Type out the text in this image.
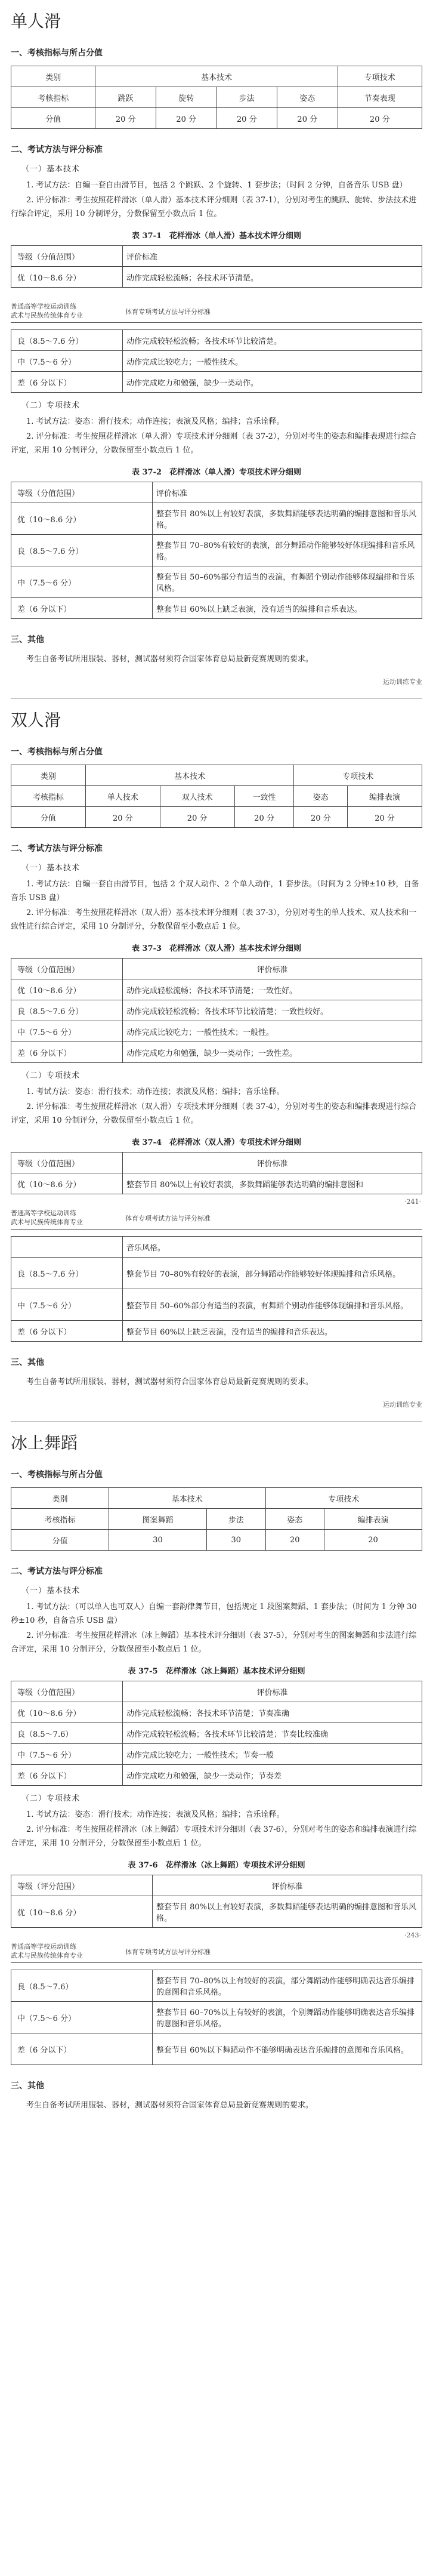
单人滑
一、考核指标与所占分值
类别	基本技术				专项技术
考核指标	跳跃	旋转	步法	姿态	节奏表现
分值	20 分	20 分	20 分	20 分	20 分
二、考试方法与评分标准
（一）基本技术

1. 考试方法：自编一套自由滑节目，包括 2 个跳跃、2 个旋转、1 套步法；（时间 2 分钟，自备音乐 USB 盘）

2. 评分标准：考生按照花样滑冰（单人滑）基本技术评分细则（表 37-1），分别对考生的跳跃、旋转、步法技术进行综合评定，采用 10 分制评分，分数保留至小数点后 1 位。

表 37-1　花样滑冰（单人滑）基本技术评分细则
等级（分值范围）	评价标准
优（10～8.6 分）	动作完成轻松流畅；各技术环节清楚。
普通高等学校运动训练
武术与民族传统体育专业	体育专项考试方法与评分标准
良（8.5～7.6 分）	动作完成较轻松流畅；各技术环节比较清楚。
中（7.5～6 分）	动作完成比较吃力；一般性技术。
差（6 分以下）	动作完成吃力和勉强，缺少一类动作。
（二）专项技术

1. 考试方法：姿态：滑行技术；动作连接；表演及风格；编排；音乐诠释。

2. 评分标准：考生按照花样滑冰（单人滑）专项技术评分细则（表 37-2），分别对考生的姿态和编排表现进行综合评定，采用 10 分制评分，分数保留至小数点后 1 位。

表 37-2　花样滑冰（单人滑）专项技术评分细则
等级（分值范围）	评价标准
优（10～8.6 分）	整套节目 80%以上有较好表演，多数舞蹈能够表达明确的编排意图和音乐风格。
良（8.5～7.6 分）	整套节目 70–80%有较好的表演，部分舞蹈动作能够较好体现编排和音乐风格。
中（7.5～6 分）	整套节目 50–60%部分有适当的表演，有舞蹈个别动作能够体现编排和音乐风格。
差（6 分以下）	整套节目 60%以上缺乏表演，没有适当的编排和音乐表达。
三、其他

考生自备考试所用服装、器材，测试器材须符合国家体育总局最新竞赛规则的要求。

运动训练专业
双人滑
一、考核指标与所占分值
类别	基本技术			专项技术	
考核指标	单人技术	双人技术	一致性	姿态	编排表演
分值	20 分	20 分	20 分	20 分	20 分
二、考试方法与评分标准
（一）基本技术

1. 考试方法：自编一套自由滑节目，包括 2 个双人动作、2 个单人动作，1 套步法。（时间为 2 分钟±10 秒，自备音乐 USB 盘）

2. 评分标准：考生按照花样滑冰（双人滑）基本技术评分细则（表 37-3），分别对考生的单人技术、双人技术和一致性进行综合评定，采用 10 分制评分，分数保留至小数点后 1 位。

表 37-3　花样滑冰（双人滑）基本技术评分细则
等级（分值范围）	评价标准
优（10～8.6 分）	动作完成轻松流畅；各技术环节清楚；一致性好。
良（8.5～7.6 分）	动作完成较轻松流畅；各技术环节比较清楚；一致性较好。
中（7.5～6 分）	动作完成比较吃力；一般性技术；一般性。
差（6 分以下）	动作完成吃力和勉强，缺少一类动作；一致性差。
（二）专项技术

1. 考试方法：姿态：滑行技术；动作连接；表演及风格；编排；音乐诠释。

2. 评分标准：考生按照花样滑冰（双人滑）专项技术评分细则（表 37-4），分别对考生的姿态和编排表现进行综合评定，采用 10 分制评分，分数保留至小数点后 1 位。

表 37-4　花样滑冰（双人滑）专项技术评分细则
等级（分值范围）	评价标准
优（10～8.6 分）	整套节目 80%以上有较好表演，多数舞蹈能够表达明确的编排意图和
·241·
普通高等学校运动训练
武术与民族传统体育专业	体育专项考试方法与评分标准
	音乐风格。
良（8.5～7.6 分）	整套节目 70–80%有较好的表演，部分舞蹈动作能够较好体现编排和音乐风格。
中（7.5～6 分）	整套节目 50–60%部分有适当的表演，有舞蹈个别动作能够体现编排和音乐风格。
差（6 分以下）	整套节目 60%以上缺乏表演，没有适当的编排和音乐表达。
三、其他

考生自备考试所用服装、器材，测试器材须符合国家体育总局最新竞赛规则的要求。

运动训练专业
冰上舞蹈
一、考核指标与所占分值
类别	基本技术		专项技术	
考核指标	图案舞蹈	步法	姿态	编排表演
分值	30	30	20	20
二、考试方法与评分标准
（一）基本技术

1. 考试方法：（可以单人也可双人）自编一套韵律舞节目，包括规定 1 段图案舞蹈、1 套步法；（时间为 1 分钟 30 秒±10 秒，自备音乐 USB 盘）

2. 评分标准：考生按照花样滑冰（冰上舞蹈）基本技术评分细则（表 37-5），分别对考生的图案舞蹈和步法进行综合评定，采用 10 分制评分，分数保留至小数点后 1 位。

表 37-5　花样滑冰（冰上舞蹈）基本技术评分细则
等级（分值范围）	评价标准
优（10～8.6 分）	动作完成轻松流畅；各技术环节清楚；节奏准确
良（8.5～7.6）	动作完成较轻松流畅；各技术环节比较清楚；节奏比较准确
中（7.5～6 分）	动作完成比较吃力；一般性技术；节奏一般
差（6 分以下）	动作完成吃力和勉强，缺少一类动作；节奏差
（二）专项技术

1. 考试方法：姿态：滑行技术；动作连接；表演及风格；编排；音乐诠释。

2. 评分标准：考生按照花样滑冰（冰上舞蹈）专项技术评分细则（表 37-6），分别对考生的姿态和编排表演进行综合评定，采用 10 分制评分，分数保留至小数点后 1 位。

表 37-6　花样滑冰（冰上舞蹈）专项技术评分细则
等级（评分范围）	评价标准
优（10～8.6 分）	整套节目 80%以上有较好表演，多数舞蹈能够表达明确的编排意图和音乐风格。
·243·
普通高等学校运动训练
武术与民族传统体育专业	体育专项考试方法与评分标准
良（8.5～7.6）	整套节目 70–80%以上有较好的表演，部分舞蹈动作能够明确表达音乐编排的意图和音乐风格。
中（7.5～6 分）	整套节目 60–70%以上有较好的表演，个别舞蹈动作能够明确表达音乐编排的意图和音乐风格。
差（6 分以下）	整套节目 60%以下舞蹈动作不能够明确表达音乐编排的意图和音乐风格。
三、其他

考生自备考试所用服装、器材，测试器材须符合国家体育总局最新竞赛规则的要求。
